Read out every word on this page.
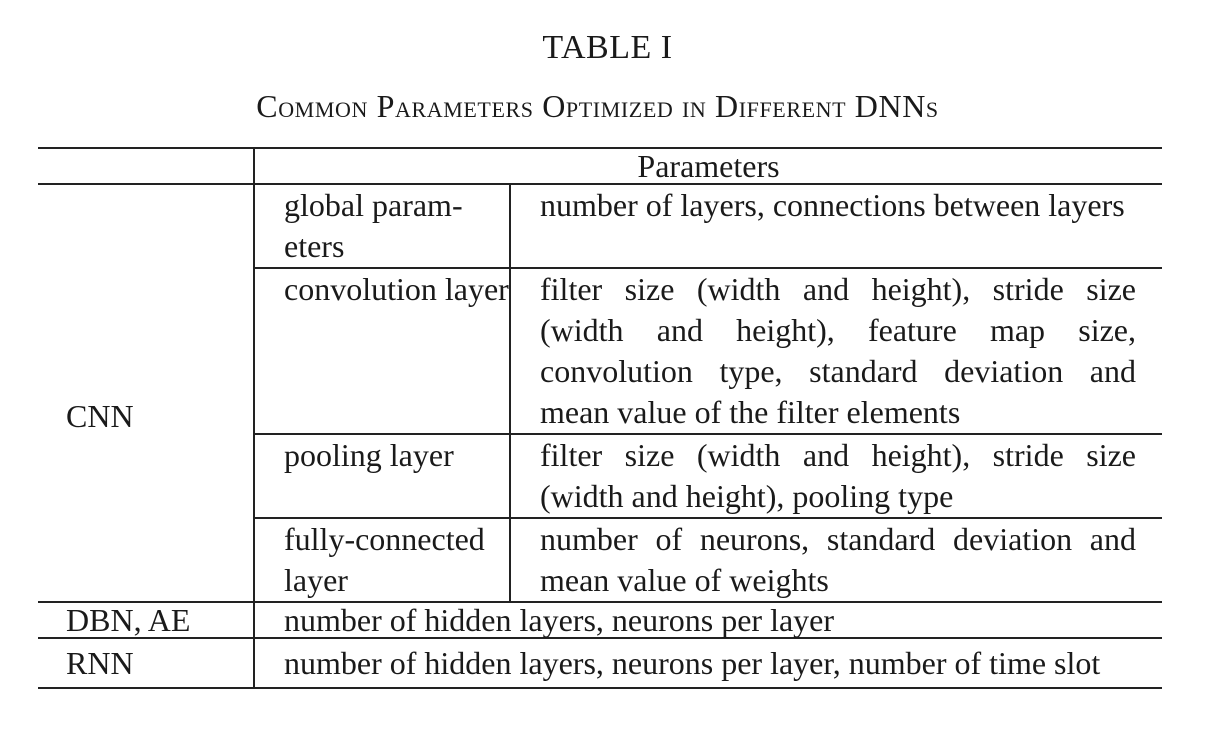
TABLE I
Common Parameters Optimized in Different DNNs
	Parameters	
CNN	global param-eters	number of layers, connections between layers
	convolution layer	filter size (width and height), stride size (width and height), feature map size, convolution type, standard deviation and mean value of the filter elements
	pooling layer	filter size (width and height), stride size (width and height), pooling type
	fully-connected layer	number of neurons, standard deviation and mean value of weights
DBN, AE	number of hidden layers, neurons per layer	
RNN	number of hidden layers, neurons per layer, number of time slot	
